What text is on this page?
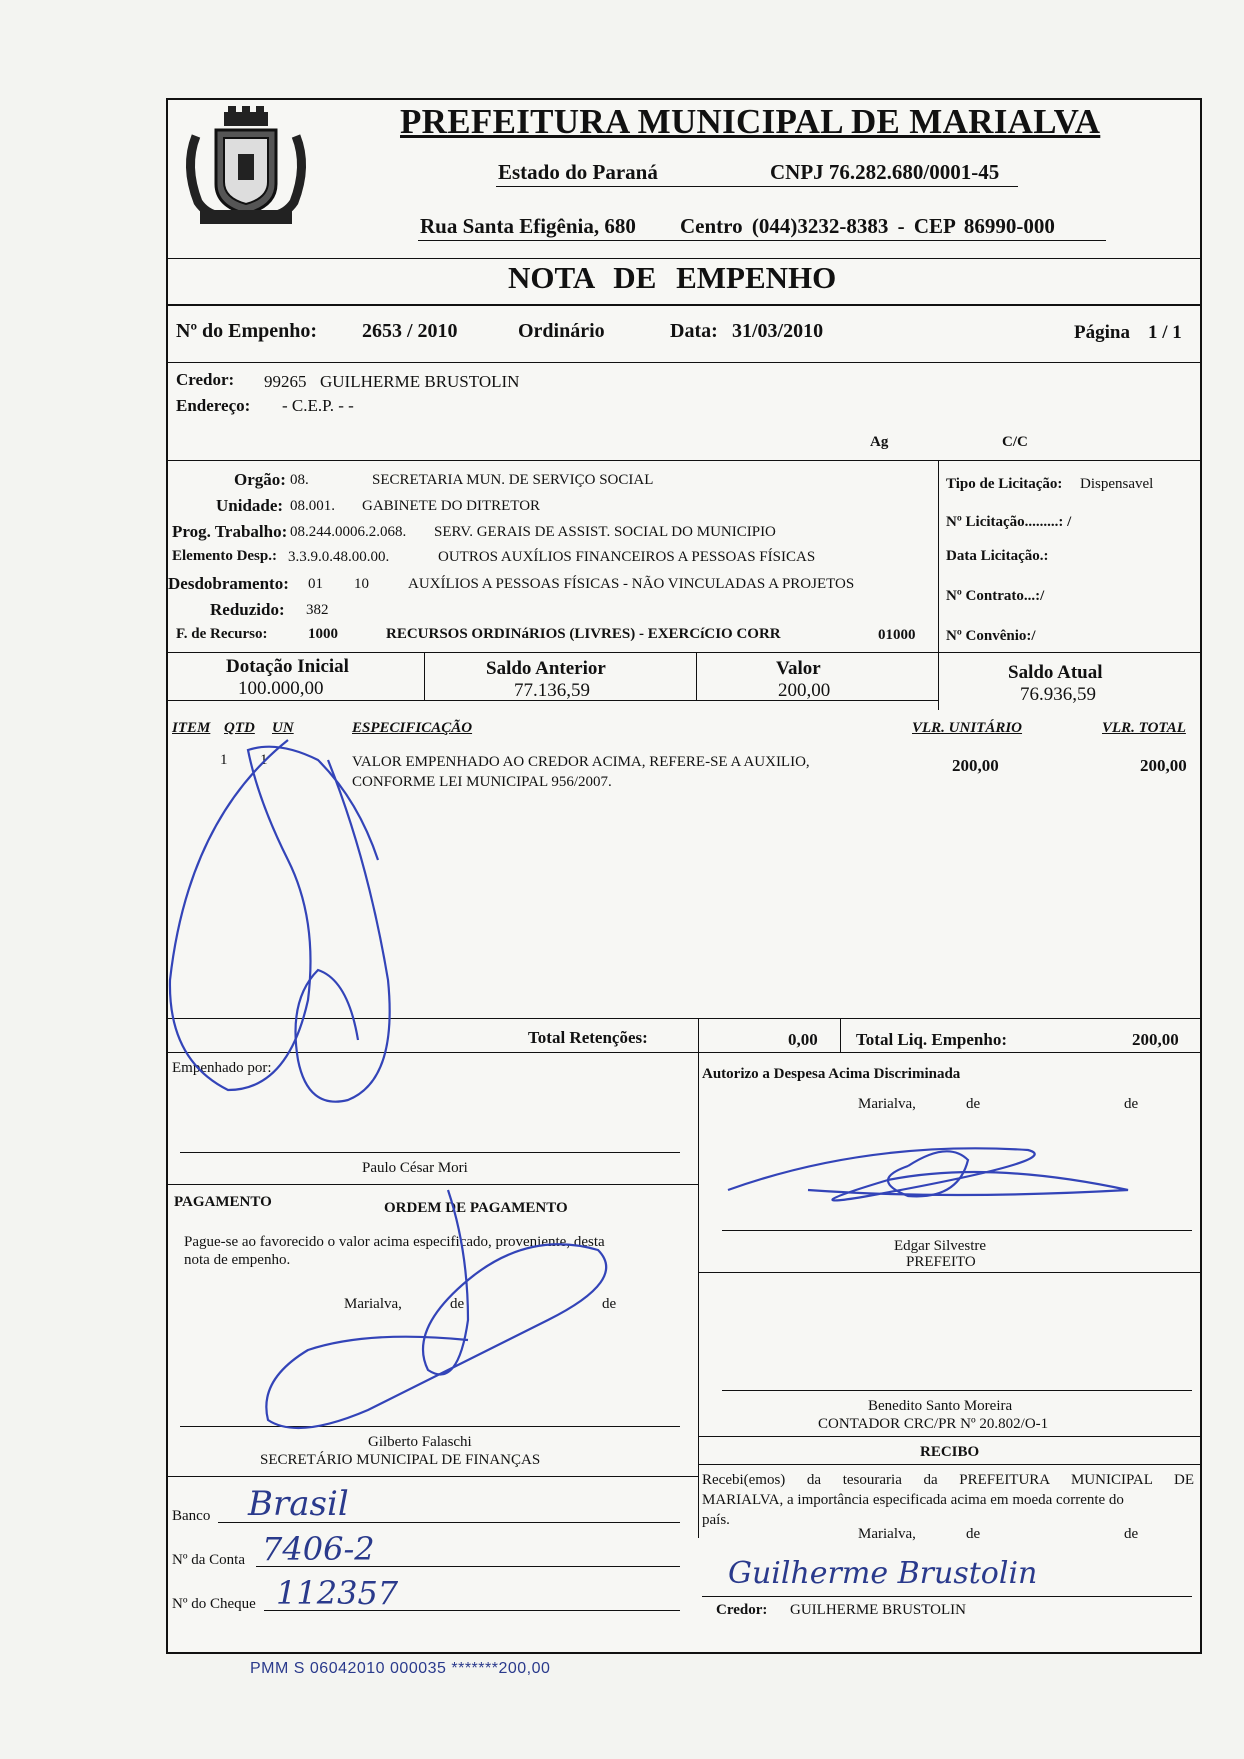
PREFEITURA MUNICIPAL DE MARIALVA
Estado do Paraná	CNPJ 76.282.680/0001-45
Rua Santa Efigênia, 680 Centro (044)3232-8383 - CEP 86990-000
NOTA DE EMPENHO
Nº do Empenho: 2653 / 2010	Ordinário	Data: 31/03/2010	Página 1 / 1
Credor: 99265 GUILHERME BRUSTOLIN
Endereço: - C.E.P. - -
Ag	C/C
Orgão: 08.	SECRETARIA MUN. DE SERVIÇO SOCIAL
Unidade: 08.001. GABINETE DO DITRETOR
Prog. Trabalho: 08.244.0006.2.068. SERV. GERAIS DE ASSIST. SOCIAL DO MUNICIPIO
Elemento Desp.: 3.3.9.0.48.00.00.	OUTROS AUXÍLIOS FINANCEIROS A PESSOAS FÍSICAS
Desdobramento: 01 10	AUXÍLIOS A PESSOAS FÍSICAS - NÃO VINCULADAS A PROJETOS
Reduzido: 382
F. de Recurso:	1000	RECURSOS ORDINáRIOS (LIVRES) - EXERCíCIO CORR	01000
Tipo de Licitação: Dispensavel
Nº Licitação.........: /
Data Licitação.:
Nº Contrato...:/
Nº Convênio:/
Dotação Inicial
100.000,00
Saldo Anterior
77.136,59
Valor
200,00
Saldo Atual
76.936,59
ITEM QTD UN	ESPECIFICAÇÃO	VLR. UNITÁRIO	VLR. TOTAL
1 1	VALOR EMPENHADO AO CREDOR ACIMA, REFERE-SE A AUXILIO,
CONFORME LEI MUNICIPAL 956/2007.
200,00	200,00
Total Retenções:	0,00 Total Liq. Empenho:	200,00
Empenhado por:
Paulo César Mori
Autorizo a Despesa Acima Discriminada
Marialva,	de	de
Edgar Silvestre
PREFEITO
PAGAMENTO	ORDEM DE PAGAMENTO
Pague-se ao favorecido o valor acima especificado, proveniente, desta
nota de empenho.
Marialva,	de	de
Gilberto Falaschi
SECRETÁRIO MUNICIPAL DE FINANÇAS
Benedito Santo Moreira
CONTADOR CRC/PR Nº 20.802/O-1
RECIBO
Recebi(emos) da tesouraria da PREFEITURA MUNICIPAL DE
MARIALVA, a importância especificada acima em moeda corrente do
país.
Marialva,	de	de
Banco Brasil
Nº da Conta 7406-2
Nº do Cheque 112357
Guilherme Brustolin
Credor: GUILHERME BRUSTOLIN
PMM S 06042010 000035 *******200,00
